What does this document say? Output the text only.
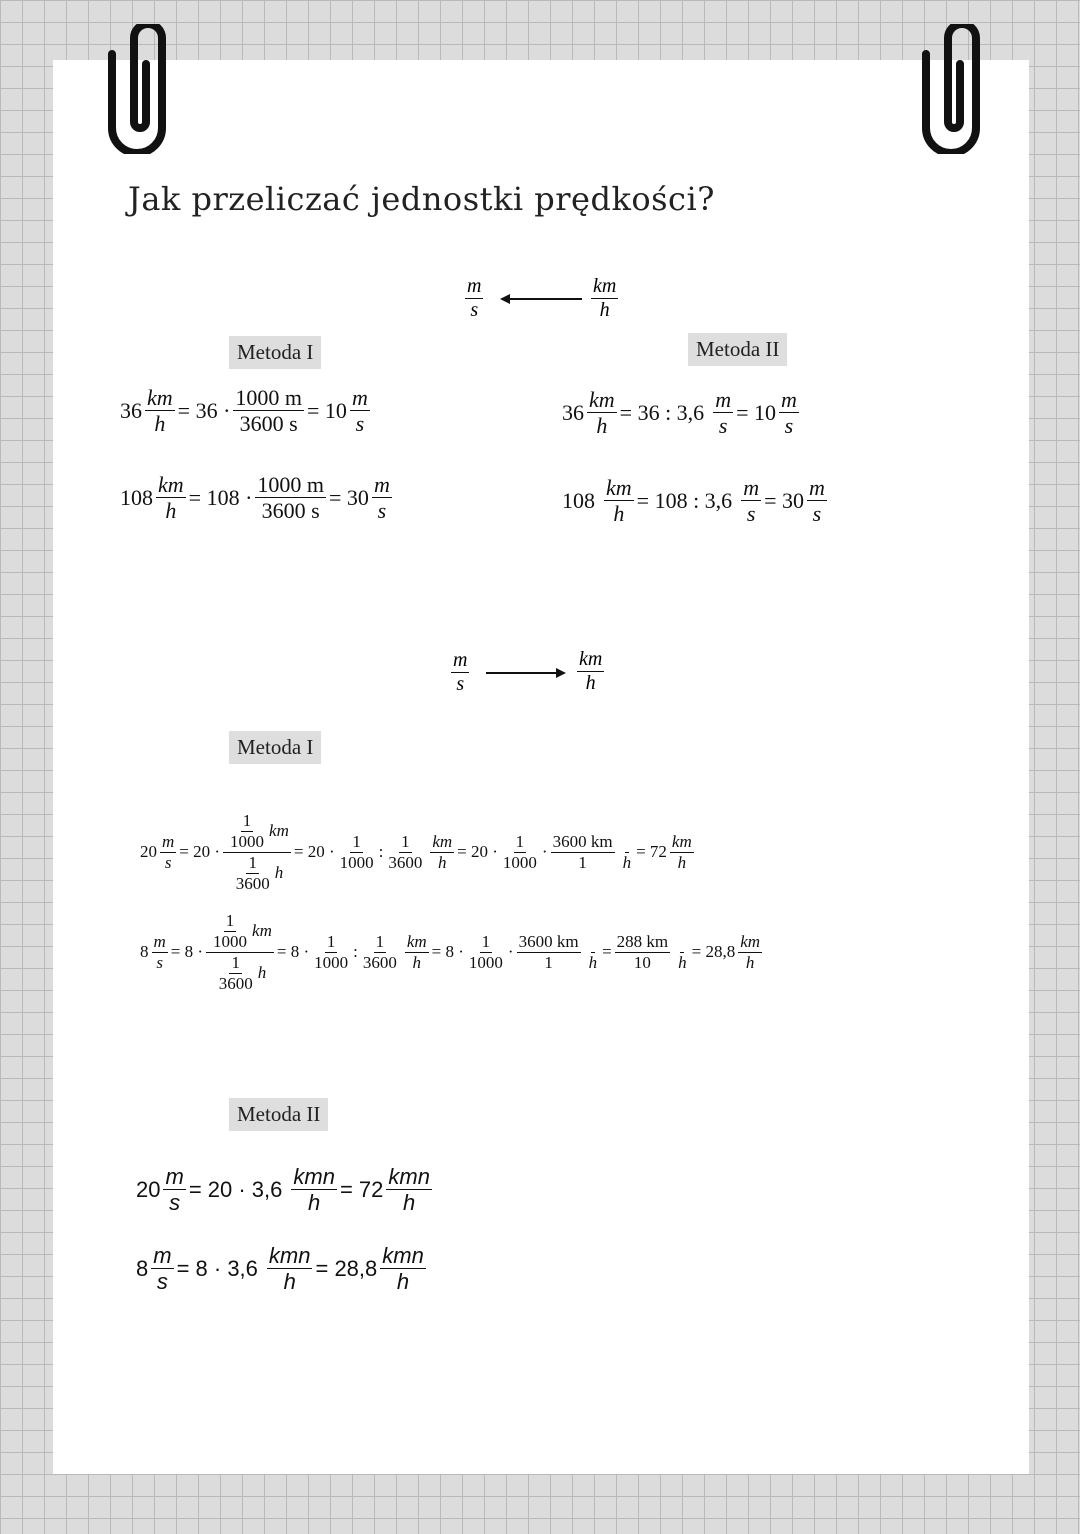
Jak przeliczać jednostki prędkości?
$\frac{m}{s}$	$\frac{km}{h}$
Metoda I	Metoda II
$36 \frac{km}{h} = 36 \cdot \frac{1000 m}{3600 s} = 10$
m
s
$108 \frac{km}{h} = 108 \cdot \frac{1000 m}{3600 s} = 30$
m
s
$36 \frac{km}{h} = 36$ : $3,6 \frac{m}{s} = 10$
m
s
$108 \frac{km}{h} = 108$ : $3,6 \frac{m}{s} = 30$
m
s
$\frac{m}{s}$	$\frac{km}{h}$
Metoda I
$20 \frac{m}{s} = 20 \cdot 1$
1000
km
1
3600
h = 20 ·
1
1000
:
1
$3600 \frac{km}{h} = 20$ ·
1
1000
·
3600 km
1 h
= 72
km
h
$8 \frac{m}{s} = 8 \cdot 1$
1000
km
1
3600
h = 8 ·
1
1000
:
1
$3600 \frac{km}{h} = 8$ ·
1
1000
·
3600 km
1 h
= $\frac{288 km}{10}$ h
= 28,8
km
h
Metoda II
$20 \frac{m}{s} = 20 \cdot 3,6$
kmn
h
= 72
kmn
h
$8 \frac{m}{s} = 8 \cdot 3,6$
kmn
h
= 28,8
kmn
h
